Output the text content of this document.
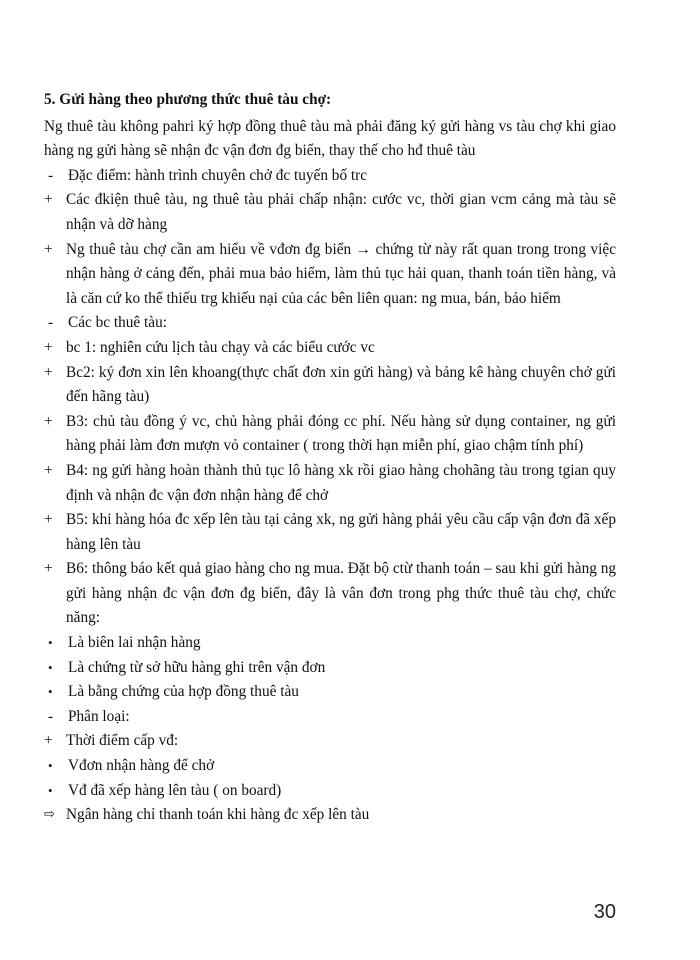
5. Gửi hàng theo phương thức thuê tàu chợ:

Ng thuê tàu không pahri ký hợp đồng thuê tàu mà phải đăng ký gửi hàng vs tàu chợ khi giao hàng ng gửi hàng sẽ nhận đc vận đơn đg biển, thay thế cho hđ thuê tàu

- Đặc điểm: hành trình chuyên chở đc tuyến bố trc
+ Các đkiện thuê tàu, ng thuê tàu phải chấp nhận: cước vc, thời gian vcm cảng mà tàu sẽ nhận và dỡ hàng
+ Ng thuê tàu chợ cần am hiểu về vđơn đg biển → chứng từ này rất quan trong trong việc nhận hàng ở cảng đến, phải mua bảo hiểm, làm thủ tục hải quan, thanh toán tiền hàng, và là căn cứ ko thể thiếu trg khiếu nại của các bên liên quan: ng mua, bán, bảo hiểm
- Các bc thuê tàu:
+ bc 1: nghiên cứu lịch tàu chạy và các biểu cước vc
+ Bc2: ký đơn xin lên khoang(thực chất đơn xin gửi hàng) và bảng kê hàng chuyên chở gửi đến hãng tàu)
+ B3: chủ tàu đồng ý vc, chủ hàng phải đóng cc phí. Nếu hàng sử dụng container, ng gửi hàng phải làm đơn mượn vỏ container ( trong thời hạn miễn phí, giao chậm tính phí)
+ B4: ng gửi hàng hoàn thành thủ tục lô hàng xk rồi giao hàng chohãng tàu trong tgian quy định và nhận đc vận đơn nhận hàng để chở
+ B5: khi hàng hóa đc xếp lên tàu tại cảng xk, ng gửi hàng phải yêu cầu cấp vận đơn đã xếp hàng lên tàu
+ B6: thông báo kết quả giao hàng cho ng mua. Đặt bộ ctừ thanh toán – sau khi gửi hàng ng gửi hàng nhận đc vận đơn đg biển, đây là vân đơn trong phg thức thuê tàu chợ, chức năng:
•	Là biên lai nhận hàng
•	Là chứng từ sở hữu hàng ghi trên vận đơn
•	Là bằng chứng của hợp đồng thuê tàu
- Phân loại:
+ Thời điểm cấp vđ:
•	Vđơn nhận hàng để chở
•	Vđ đã xếp hàng lên tàu ( on board)
⇨ Ngân hàng chỉ thanh toán khi hàng đc xếp lên tàu
30
